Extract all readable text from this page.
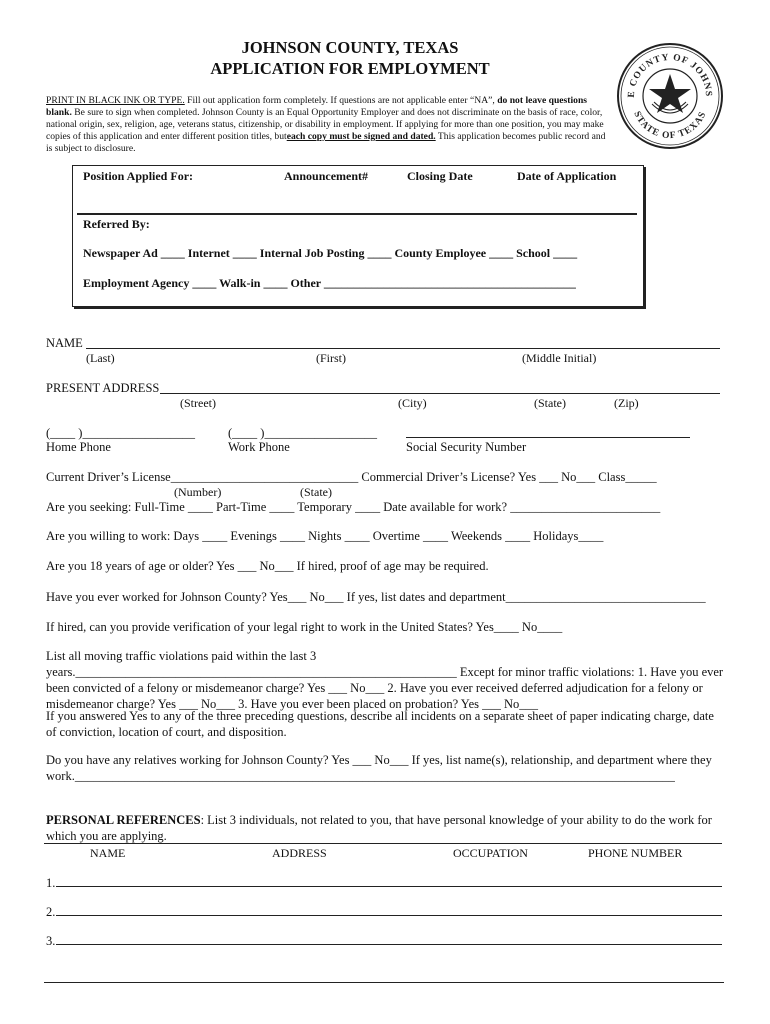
JOHNSON COUNTY, TEXAS
APPLICATION FOR EMPLOYMENT
E COUNTY OF JOHNS
STATE OF TEXAS
PRINT IN BLACK INK OR TYPE. Fill out application form completely. If questions are not applicable enter “NA”, do not leave questions blank. Be sure to sign when completed. Johnson County is an Equal Opportunity Employer and does not discriminate on the basis of race, color, national origin, sex, religion, age, veterans status, citizenship, or disability in employment. If applying for more than one position, you may make copies of this application and enter different position titles, buteach copy must be signed and dated. This application becomes public record and is subject to disclosure.
Position Applied For:	Announcement#	Closing Date	Date of Application
Referred By:
Newspaper Ad ____ Internet ____ Internal Job Posting ____ County Employee ____ School ____
Employment Agency ____ Walk-in ____ Other __________________________________________
NAME
(Last)	(First)	(Middle Initial)
PRESENT ADDRESS
(Street)	(City)	(State)	(Zip)
(____ )__________________	(____ )__________________
Home Phone	Work Phone	Social Security Number
Current Driver’s License______________________________ Commercial Driver’s License? Yes ___ No___ Class_____
(Number)	(State)
Are you seeking: Full-Time ____ Part-Time ____ Temporary ____ Date available for work? ________________________
Are you willing to work: Days ____ Evenings ____ Nights ____ Overtime ____ Weekends ____ Holidays____
Are you 18 years of age or older? Yes ___ No___ If hired, proof of age may be required.
Have you ever worked for Johnson County? Yes___ No___ If yes, list dates and department________________________________
If hired, can you provide verification of your legal right to work in the United States? Yes____ No____
List all moving traffic violations paid within the last 3 years._____________________________________________________________ Except for minor traffic violations: 1. Have you ever been convicted of a felony or misdemeanor charge? Yes ___ No___ 2. Have you ever received deferred adjudication for a felony or misdemeanor charge? Yes ___ No___ 3. Have you ever been placed on probation? Yes ___ No___
If you answered Yes to any of the three preceding questions, describe all incidents on a separate sheet of paper indicating charge, date of conviction, location of court, and disposition.
Do you have any relatives working for Johnson County? Yes ___ No___ If yes, list name(s), relationship, and department where they work.________________________________________________________________________________________________
PERSONAL REFERENCES: List 3 individuals, not related to you, that have personal knowledge of your ability to do the work for which you are applying.
NAME	ADDRESS	OCCUPATION	PHONE NUMBER
1.
2.
3.
